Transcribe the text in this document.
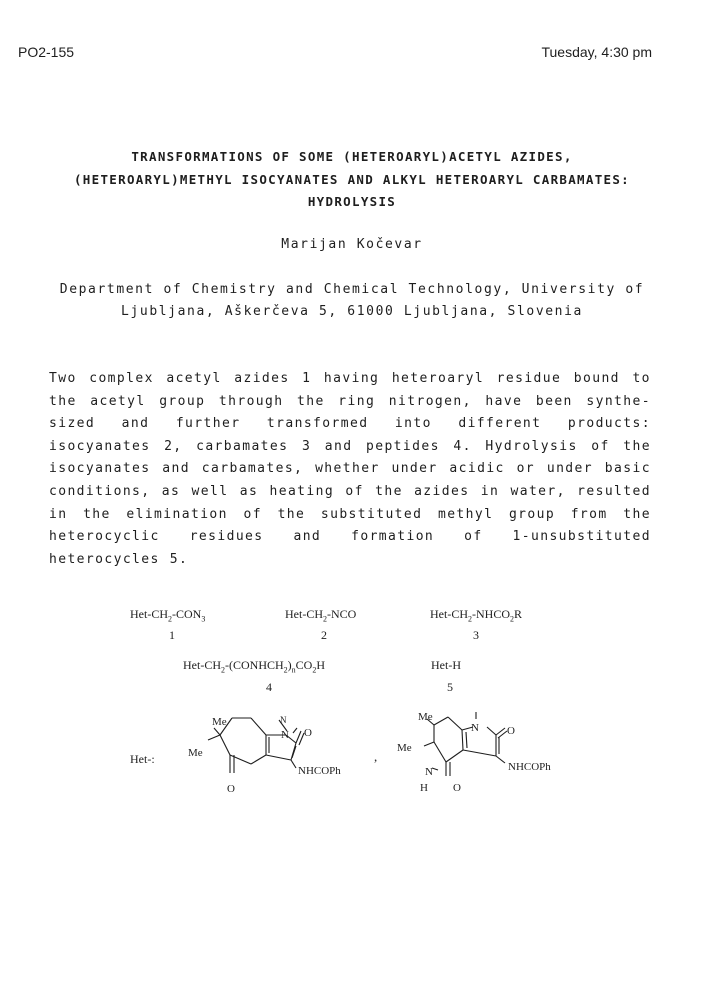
PO2-155	Tuesday, 4:30 pm
TRANSFORMATIONS OF SOME (HETEROARYL)ACETYL AZIDES,
(HETEROARYL)METHYL ISOCYANATES AND ALKYL HETEROARYL CARBAMATES:
HYDROLYSIS
Marijan Kočevar
Department of Chemistry and Chemical Technology, University of
Ljubljana, Aškerčeva 5, 61000 Ljubljana, Slovenia
Two complex acetyl azides 1 having heteroaryl residue bound to
the acetyl group through the ring nitrogen, have been synthe-
sized and further transformed into different products:
isocyanates 2, carbamates 3 and peptides 4. Hydrolysis of the
isocyanates and carbamates, whether under acidic or under basic
conditions, as well as heating of the azides in water, resulted
in the elimination of the substituted methyl group from the
heterocyclic residues and formation of 1-unsubstituted
heterocycles 5.
Het-$CH_2-CON_3$
1
Het-$CH_2$-NCO
2
Het-$CH_2-NHCO_2R$
3
Het-$CH_2-(CONHCH_2)_nCO_2H$
4
Het-H
5
Het-:
Me
Me
N
N O
NHCOPh
O
Me
Me
N	O
NHCOPh
N
H O
,
